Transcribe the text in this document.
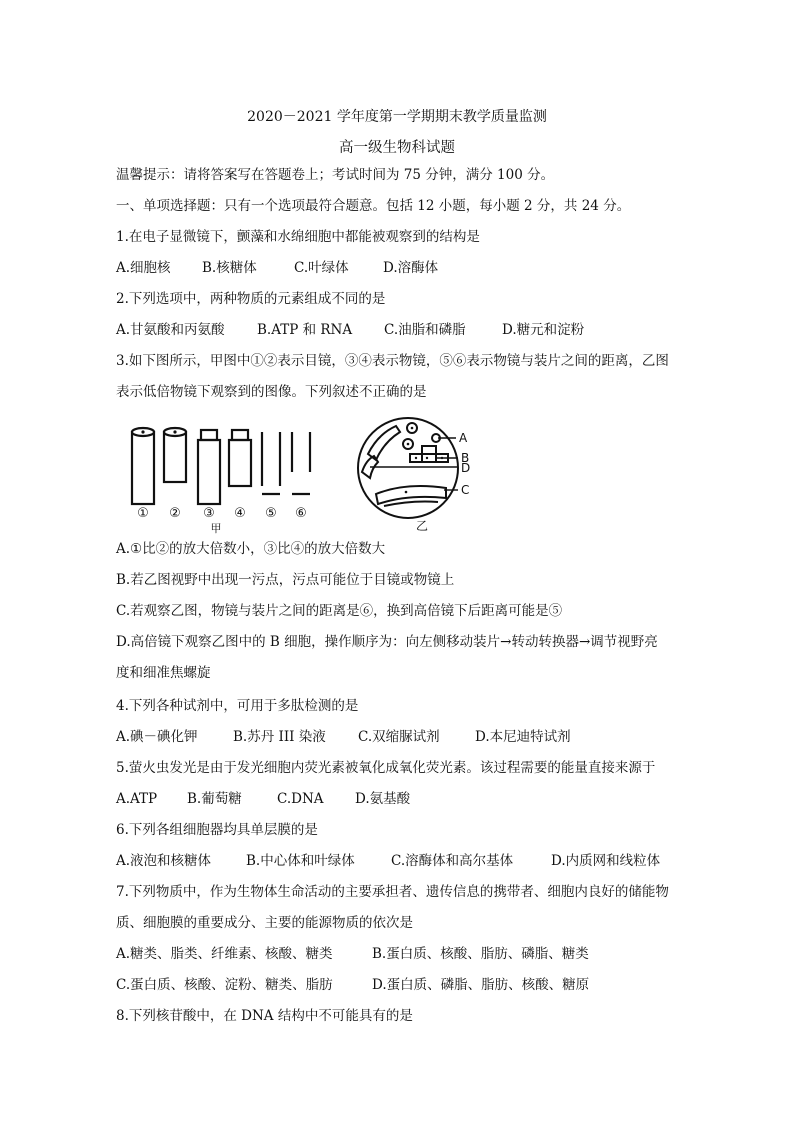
2020－2021 学年度第一学期期末教学质量监测
高一级生物科试题
温馨提示：请将答案写在答题卷上；考试时间为 75 分钟，满分 100 分。
一、单项选择题：只有一个选项最符合题意。包括 12 小题，每小题 2 分，共 24 分。
1.在电子显微镜下，颤藻和水绵细胞中都能被观察到的结构是
A.细胞核 B.核糖体	C.叶绿体	D.溶酶体
2.下列选项中，两种物质的元素组成不同的是
A.甘氨酸和丙氨酸 B.ATP 和 RNA C.油脂和磷脂	D.糖元和淀粉
3.如下图所示，甲图中①②表示目镜，③④表示物镜，⑤⑥表示物镜与装片之间的距离，乙图
表示低倍物镜下观察到的图像。下列叙述不正确的是
① ② ③ ④ ⑤ ⑥
甲
A
B
D
C
乙
A.①比②的放大倍数小，③比④的放大倍数大
B.若乙图视野中出现一污点，污点可能位于目镜或物镜上
C.若观察乙图，物镜与装片之间的距离是⑥，换到高倍镜下后距离可能是⑤
D.高倍镜下观察乙图中的 B 细胞，操作顺序为：向左侧移动装片→转动转换器→调节视野亮
度和细准焦螺旋
4.下列各种试剂中，可用于多肽检测的是
A.碘－碘化钾	B.苏丹 III 染液 C.双缩脲试剂	D.本尼迪特试剂
5.萤火虫发光是由于发光细胞内荧光素被氧化成氧化荧光素。该过程需要的能量直接来源于
A.ATP B.葡萄糖	C.DNA D.氨基酸
6.下列各组细胞器均具单层膜的是
A.液泡和核糖体	B.中心体和叶绿体	C.溶酶体和高尔基体	D.内质网和线粒体
7.下列物质中，作为生物体生命活动的主要承担者、遗传信息的携带者、细胞内良好的储能物
质、细胞膜的重要成分、主要的能源物质的依次是
A.糖类、脂类、纤维素、核酸、糖类	B.蛋白质、核酸、脂肪、磷脂、糖类
C.蛋白质、核酸、淀粉、糖类、脂肪	D.蛋白质、磷脂、脂肪、核酸、糖原
8.下列核苷酸中，在 DNA 结构中不可能具有的是
